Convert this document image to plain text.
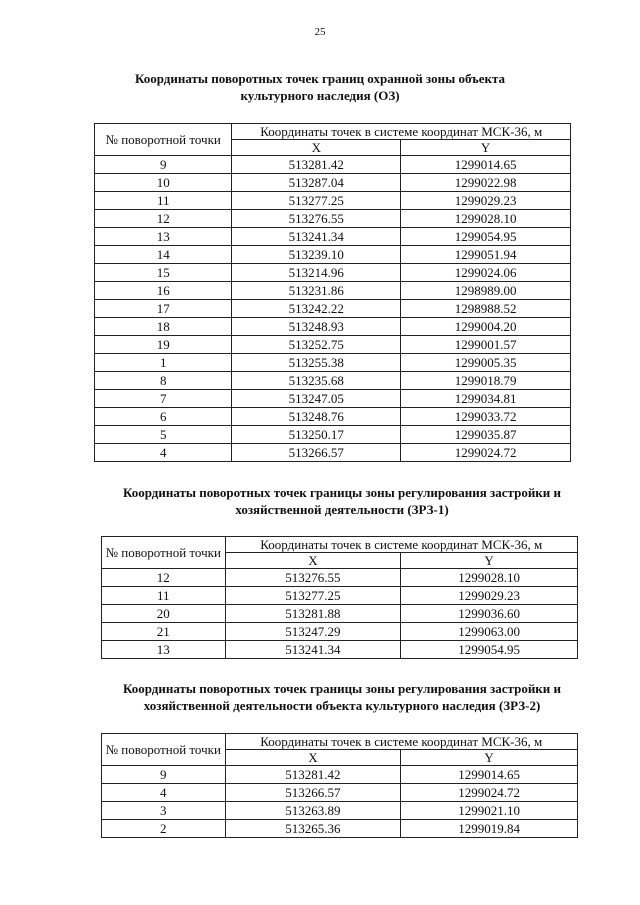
25
Координаты поворотных точек границ охранной зоны объекта
культурного наследия (ОЗ)
№ поворотной точки	Координаты точек в системе координат МСК-36, м	
	X	Y
9	513281.42	1299014.65
10	513287.04	1299022.98
11	513277.25	1299029.23
12	513276.55	1299028.10
13	513241.34	1299054.95
14	513239.10	1299051.94
15	513214.96	1299024.06
16	513231.86	1298989.00
17	513242.22	1298988.52
18	513248.93	1299004.20
19	513252.75	1299001.57
1	513255.38	1299005.35
8	513235.68	1299018.79
7	513247.05	1299034.81
6	513248.76	1299033.72
5	513250.17	1299035.87
4	513266.57	1299024.72
Координаты поворотных точек границы зоны регулирования застройки и
хозяйственной деятельности (ЗРЗ-1)
№ поворотной точки	Координаты точек в системе координат МСК-36, м	
	X	Y
12	513276.55	1299028.10
11	513277.25	1299029.23
20	513281.88	1299036.60
21	513247.29	1299063.00
13	513241.34	1299054.95
Координаты поворотных точек границы зоны регулирования застройки и
хозяйственной деятельности объекта культурного наследия (ЗРЗ-2)
№ поворотной точки	Координаты точек в системе координат МСК-36, м	
	X	Y
9	513281.42	1299014.65
4	513266.57	1299024.72
3	513263.89	1299021.10
2	513265.36	1299019.84
